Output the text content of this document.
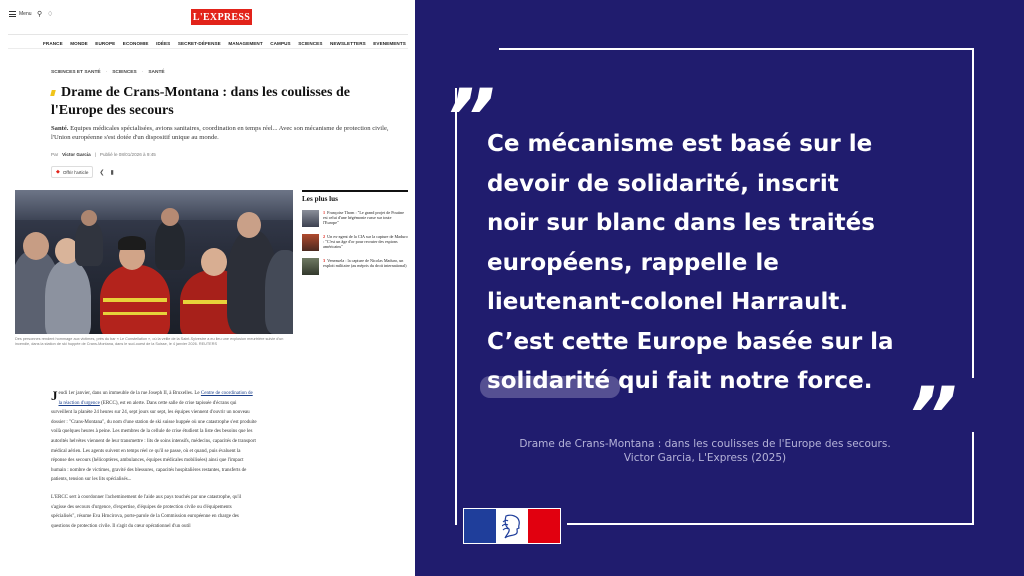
Menu ⚲ ♢	L'EXPRESS
FRANCE MONDE EUROPE ECONOMIE IDÉES SECRET-DÉFENSE MANAGEMENT CAMPUS SCIENCES NEWSLETTERS EVENEMENTS
SCIENCES ET SANTÉ · SCIENCES · SANTÉ
Drame de Crans-Montana : dans les coulisses de l'Europe des secours

Santé. Equipes médicales spécialisées, avions sanitaires, coordination en temps réel... Avec son mécanisme de protection civile, l'Union européenne s'est dotée d'un dispositif unique au monde.

Par Victor Garcia | Publié le 08/01/2026 à 9:45
◆ Offrir l'article ❮ ▮

Des personnes rendent hommage aux victimes, près du bar « Le Constellation », où la veille de la Saint-Sylvestre a eu lieu une explosion meurtrière suivie d'un incendie, dans la station de ski huppée de Crans-Montana, dans le sud-ouest de la Suisse, le 4 janvier 2026. REUTERS

Les plus lus
1 Françoise Thom : "Le grand projet de Poutine est celui d'une hégémonie russe sur toute l'Europe"
2 Un ex-agent de la CIA sur la capture de Maduro : "C'est un âge d'or pour recruter des espions américains"
3 Venezuela : la capture de Nicolas Maduro, un exploit militaire (au mépris du droit international)

Jeudi 1er janvier, dans un immeuble de la rue Joseph II, à Bruxelles. Le Centre de coordination de la réaction d'urgence (ERCC), est en alerte. Dans cette salle de crise tapissée d'écrans qui surveillent la planète 24 heures sur 24, sept jours sur sept, les équipes viennent d'ouvrir un nouveau dossier : "Crans-Montana", du nom d'une station de ski suisse huppée où une catastrophe s'est produite voilà quelques heures à peine. Les membres de la cellule de crise étudient la liste des besoins que les autorités helvètes viennent de leur transmettre : lits de soins intensifs, médecins, capacités de transport médical aérien. Les agents suivent en temps réel ce qu'il se passe, où et quand, puis évaluent la réponse des secours (hélicoptères, ambulances, équipes médicales mobilisées) ainsi que l'impact humain : nombre de victimes, gravité des blessures, capacités hospitalières restantes, transferts de patients, tension sur les lits spécialisés...

L'ERCC sert à coordonner l'acheminement de l'aide aux pays touchés par une catastrophe, qu'il s'agisse des secours d'urgence, d'expertise, d'équipes de protection civile ou d'équipements spécialisés", résume Eva Hrncirova, porte-parole de la Commission européenne en charge des questions de protection civile. Il s'agit du cœur opérationnel d'un outil

”
Ce mécanisme est basé sur le
devoir de solidarité, inscrit
noir sur blanc dans les traités
européens, rappelle le
lieutenant-colonel Harrault.
C’est cette Europe basée sur la
solidarité qui fait notre force. ”
Drame de Crans-Montana : dans les coulisses de l'Europe des secours.
Victor Garcia, L'Express (2025)
